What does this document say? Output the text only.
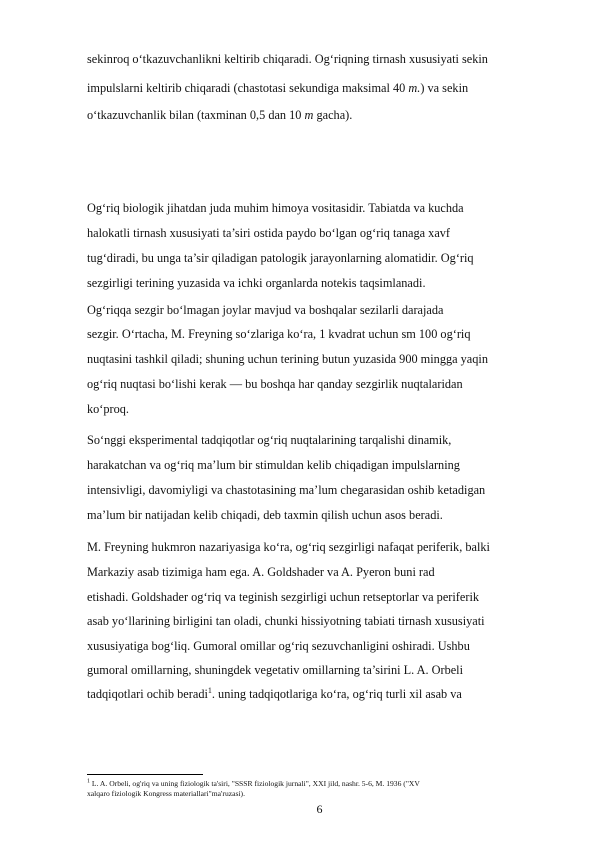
sekinroq o‘tkazuvchanlikni keltirib chiqaradi. Og‘riqning tirnash xususiyati sekin
impulslarni keltirib chiqaradi (chastotasi sekundiga maksimal 40 m.) va sekin
o‘tkazuvchanlik bilan (taxminan 0,5 dan 10 m gacha).
Og‘riq biologik jihatdan juda muhim himoya vositasidir. Tabiatda va kuchda
halokatli tirnash xususiyati ta’siri ostida paydo bo‘lgan og‘riq tanaga xavf
tug‘diradi, bu unga ta’sir qiladigan patologik jarayonlarning alomatidir. Og‘riq
sezgirligi terining yuzasida va ichki organlarda notekis taqsimlanadi.
Og‘riqqa sezgir bo‘lmagan joylar mavjud va boshqalar sezilarli darajada
sezgir. O‘rtacha, M. Freyning so‘zlariga ko‘ra, 1 kvadrat uchun sm 100 og‘riq
nuqtasini tashkil qiladi; shuning uchun terining butun yuzasida 900 mingga yaqin
og‘riq nuqtasi bo‘lishi kerak — bu boshqa har qanday sezgirlik nuqtalaridan
ko‘proq.
So‘nggi eksperimental tadqiqotlar og‘riq nuqtalarining tarqalishi dinamik,
harakatchan va og‘riq ma’lum bir stimuldan kelib chiqadigan impulslarning
intensivligi, davomiyligi va chastotasining ma’lum chegarasidan oshib ketadigan
ma’lum bir natijadan kelib chiqadi, deb taxmin qilish uchun asos beradi.
M. Freyning hukmron nazariyasiga ko‘ra, og‘riq sezgirligi nafaqat periferik, balki
Markaziy asab tizimiga ham ega. A. Goldshader va A. Pyeron buni rad
etishadi. Goldshader og‘riq va teginish sezgirligi uchun retseptorlar va periferik
asab yo‘llarining birligini tan oladi, chunki hissiyotning tabiati tirnash xususiyati
xususiyatiga bog‘liq. Gumoral omillar og‘riq sezuvchanligini oshiradi. Ushbu
gumoral omillarning, shuningdek vegetativ omillarning ta’sirini L. A. Orbeli
tadqiqotlari ochib beradi$^1$. uning tadqiqotlariga ko‘ra, og‘riq turli xil asab va
$^1$ L. A. Orbeli, og'riq va uning fiziologik ta'siri, "SSSR fiziologik jurnali", XXI jild, nashr. 5-6, M. 1936 ("XV
xalqaro fiziologik Kongress materiallari"ma'ruzasi).
6
